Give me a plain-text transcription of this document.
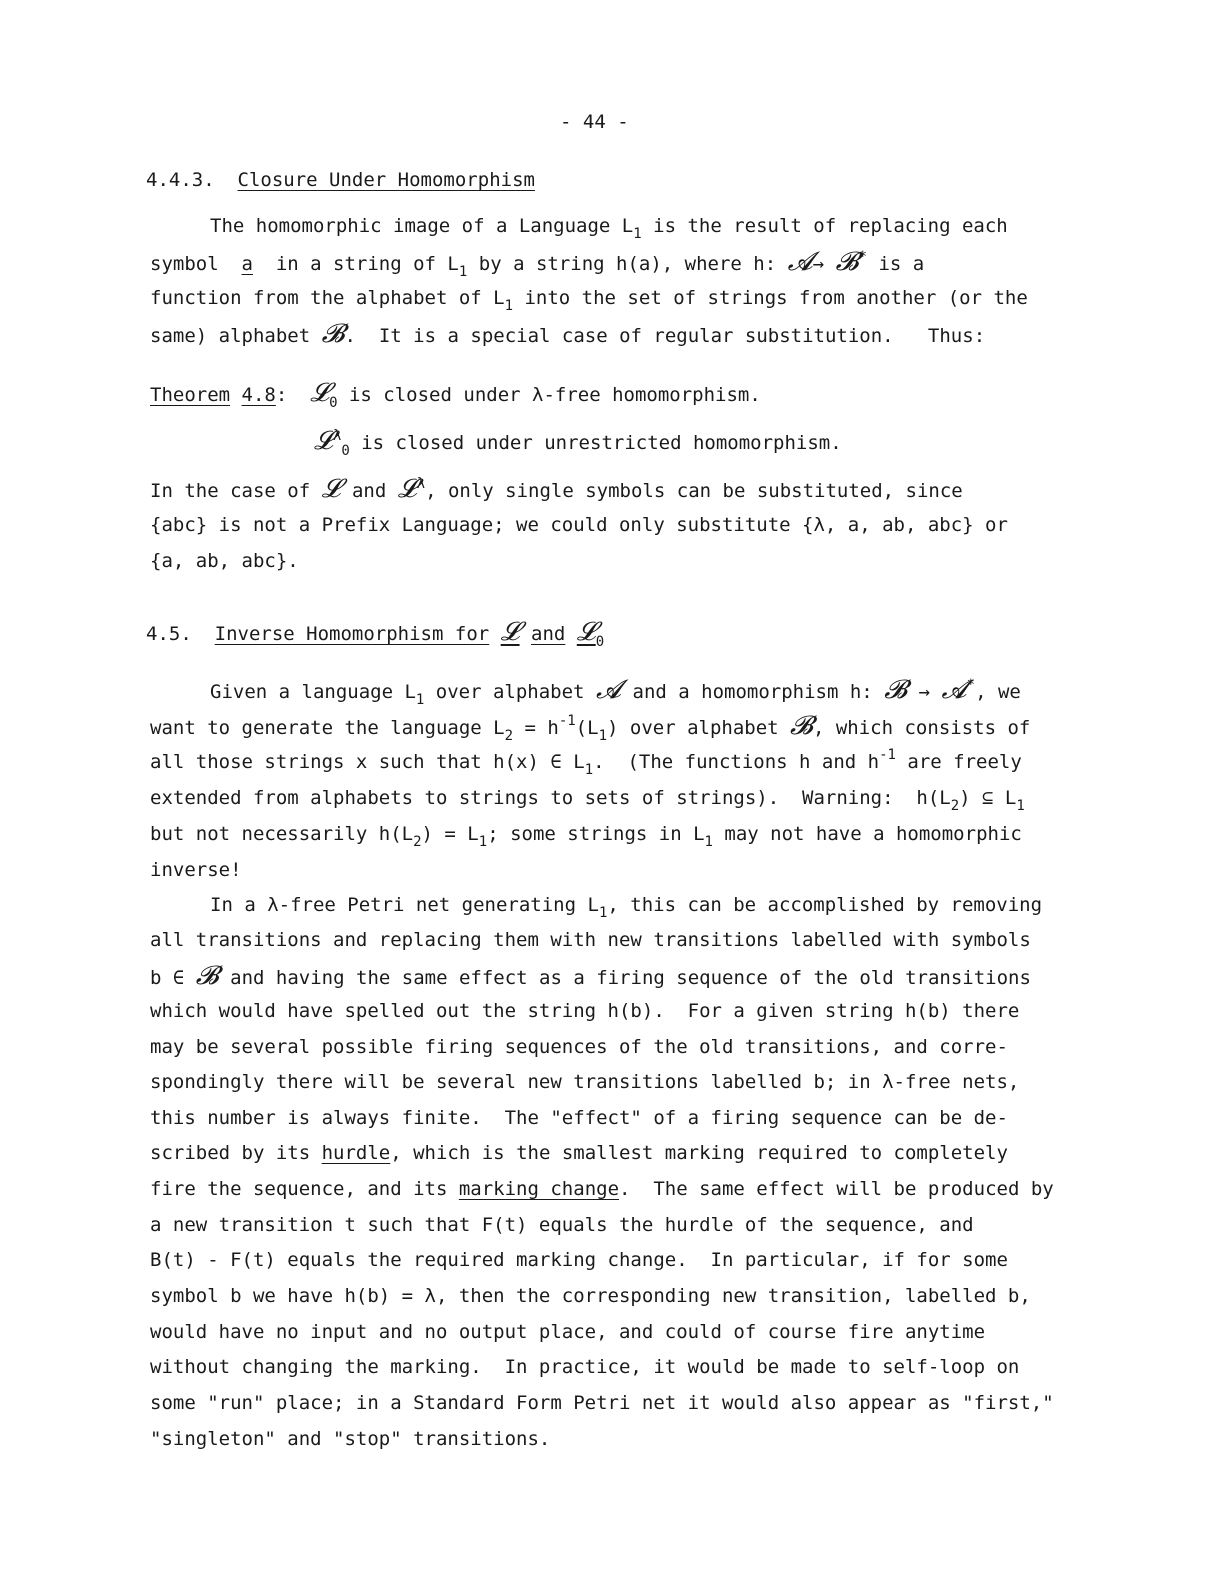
- 44 -
4.4.3. Closure Under Homomorphism
The homomorphic image of a Language $L_1$ is the result of replacing each
symbol  a  in a string of $L_1$ by a string h(a), where h: 𝓐→ 𝓑* is a
function from the alphabet of $L_1$ into the set of strings from another (or the
same) alphabet 𝓑.  It is a special case of regular substitution.   Thus:
Theorem 4.8: 𝓛$_0$ is closed under λ-free homomorphism.
𝓛$^\lambda_0$ is closed under unrestricted homomorphism.
In the case of 𝓛 and 𝓛$^\lambda$, only single symbols can be substituted, since
{abc} is not a Prefix Language; we could only substitute {λ, a, ab, abc} or
{a, ab, abc}.
4.5. Inverse Homomorphism for 𝓛 and 𝓛$_0$
Given a language $L_1$ over alphabet 𝓐 and a homomorphism h: 𝓑 → 𝓐*, we
want to generate the language $L_2 = h^{-1}(L_1)$ over alphabet 𝓑, which consists of
all those strings x such that h(x) ∈ $L_1$.  (The functions h and $h^{-1}$ are freely
extended from alphabets to strings to sets of strings).  Warning:  $h(L_2)$ ⊆ $L_1$
but not necessarily $h(L_2) = L_1$; some strings in $L_1$ may not have a homomorphic
inverse!
In a λ-free Petri net generating $L_1$, this can be accomplished by removing
all transitions and replacing them with new transitions labelled with symbols
b ∈ 𝓑 and having the same effect as a firing sequence of the old transitions
which would have spelled out the string h(b).  For a given string h(b) there
may be several possible firing sequences of the old transitions, and corre-
spondingly there will be several new transitions labelled b; in λ-free nets,
this number is always finite.  The "effect" of a firing sequence can be de-
scribed by its hurdle, which is the smallest marking required to completely
fire the sequence, and its marking change.  The same effect will be produced by
a new transition t such that F(t) equals the hurdle of the sequence, and
B(t) - F(t) equals the required marking change.  In particular, if for some
symbol b we have h(b) = λ, then the corresponding new transition, labelled b,
would have no input and no output place, and could of course fire anytime
without changing the marking.  In practice, it would be made to self-loop on
some "run" place; in a Standard Form Petri net it would also appear as "first,"
"singleton" and "stop" transitions.
